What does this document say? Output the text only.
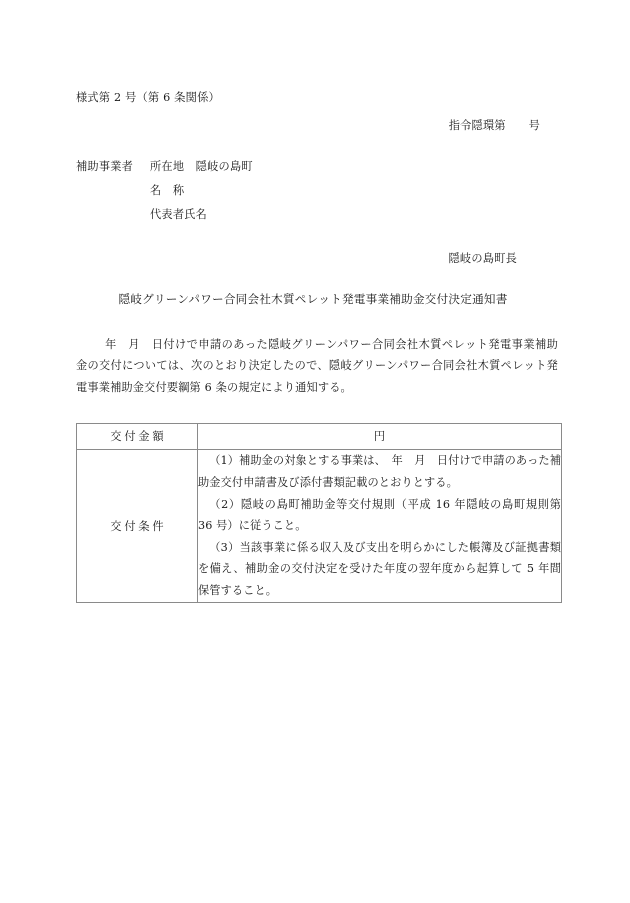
様式第 2 号（第 6 条関係）
指令隠環第　　号
補助事業者 所在地　 隠岐の島町
名　称
代表者氏名
隠岐の島町長
隠岐グリーンパワー合同会社木質ペレット発電事業補助金交付決定通知書
年　月　日付けで申請のあった隠岐グリーンパワー合同会社木質ペレット発電事業補助金の交付については、次のとおり決定したので、隠岐グリーンパワー合同会社木質ペレット発電事業補助金交付要綱第 6 条の規定により通知する。
交付金額	円

交付条件	（1）補助金の対象とする事業は、　年　月　日付けで申請のあった補助金交付申請書及び添付書類記載のとおりとする。
（2）隠岐の島町補助金等交付規則（平成 16 年隠岐の島町規則第 36 号）に従うこと。
（3）当該事業に係る収入及び支出を明らかにした帳簿及び証拠書類を備え、補助金の交付決定を受けた年度の翌年度から起算して 5 年間保管すること。
